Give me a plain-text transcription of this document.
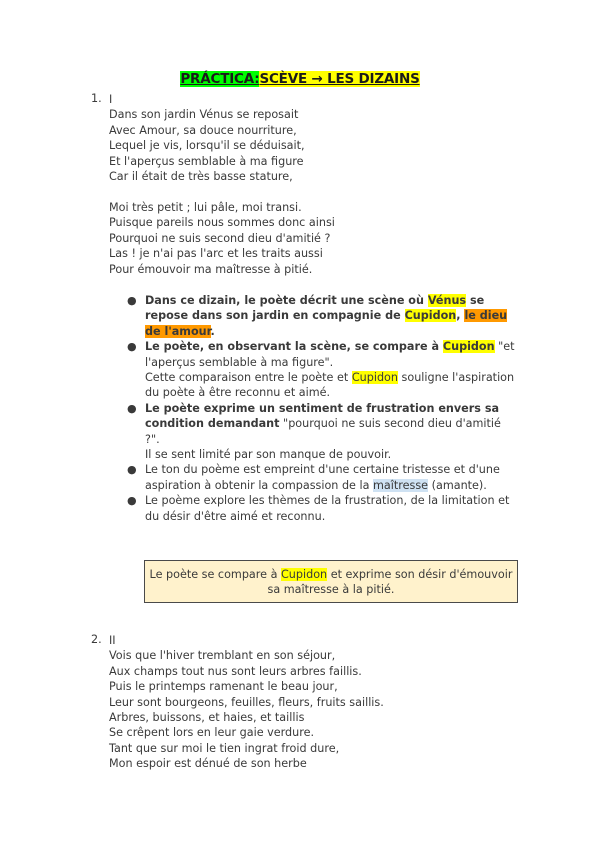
PRÁCTICA:SCÈVE → LES DIZAINS
1. I
Dans son jardin Vénus se reposait
Avec Amour, sa douce nourriture,
Lequel je vis, lorsqu'il se déduisait,
Et l'aperçus semblable à ma figure
Car il était de très basse stature,
Moi très petit ; lui pâle, moi transi.
Puisque pareils nous sommes donc ainsi
Pourquoi ne suis second dieu d'amitié ?
Las ! je n'ai pas l'arc et les traits aussi
Pour émouvoir ma maîtresse à pitié.
● Dans ce dizain, le poète décrit une scène où Vénus se repose dans son jardin en compagnie de Cupidon, le dieu de l'amour.
● Le poète, en observant la scène, se compare à Cupidon "et l'aperçus semblable à ma figure".
Cette comparaison entre le poète et Cupidon souligne l'aspiration du poète à être reconnu et aimé.
● Le poète exprime un sentiment de frustration envers sa condition demandant "pourquoi ne suis second dieu d'amitié ?".
Il se sent limité par son manque de pouvoir.
● Le ton du poème est empreint d'une certaine tristesse et d'une aspiration à obtenir la compassion de la maîtresse (amante).
● Le poème explore les thèmes de la frustration, de la limitation et du désir d'être aimé et reconnu.
Le poète se compare à Cupidon et exprime son désir d'émouvoir sa maîtresse à la pitié.
2. II
Vois que l'hiver tremblant en son séjour,
Aux champs tout nus sont leurs arbres faillis.
Puis le printemps ramenant le beau jour,
Leur sont bourgeons, feuilles, fleurs, fruits saillis.
Arbres, buissons, et haies, et taillis
Se crêpent lors en leur gaie verdure.
Tant que sur moi le tien ingrat froid dure,
Mon espoir est dénué de son herbe
